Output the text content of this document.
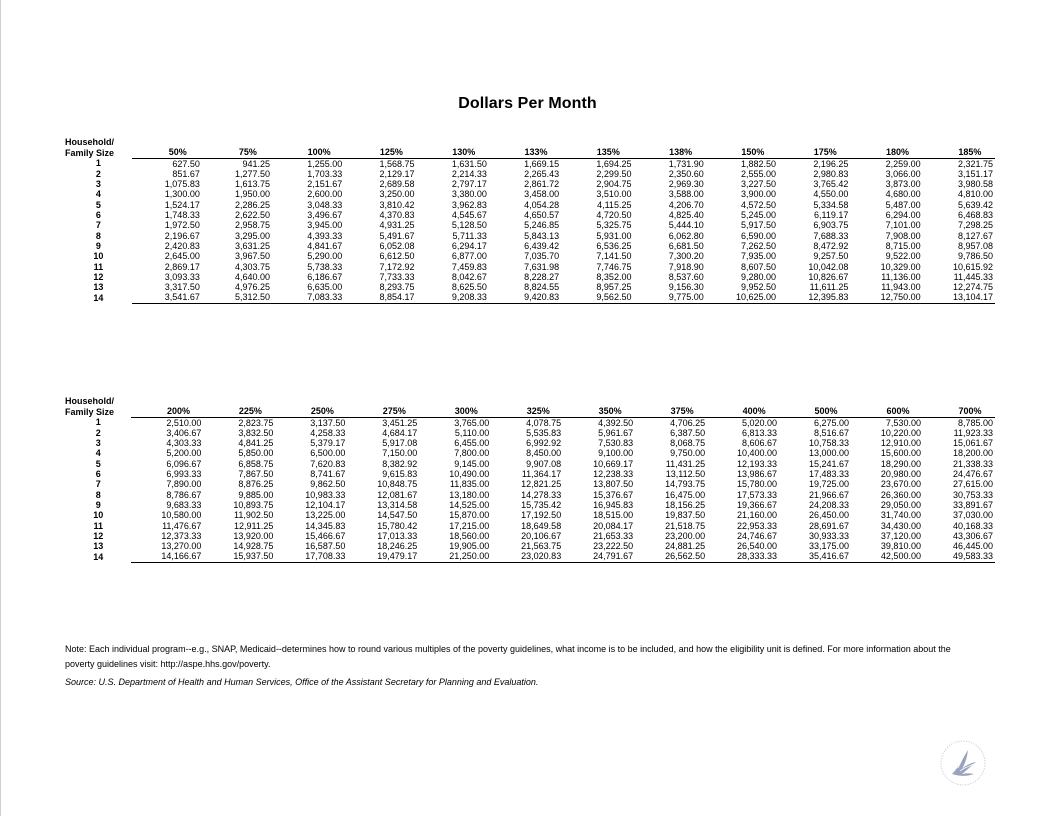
Dollars Per Month
Household/												
Family Size	50%	75%	100%	125%	130%	133%	135%	138%	150%	175%	180%	185%
1	627.50	941.25	1,255.00	1,568.75	1,631.50	1,669.15	1,694.25	1,731.90	1,882.50	2,196.25	2,259.00	2,321.75
2	851.67	1,277.50	1,703.33	2,129.17	2,214.33	2,265.43	2,299.50	2,350.60	2,555.00	2,980.83	3,066.00	3,151.17
3	1,075.83	1,613.75	2,151.67	2,689.58	2,797.17	2,861.72	2,904.75	2,969.30	3,227.50	3,765.42	3,873.00	3,980.58
4	1,300.00	1,950.00	2,600.00	3,250.00	3,380.00	3,458.00	3,510.00	3,588.00	3,900.00	4,550.00	4,680.00	4,810.00
5	1,524.17	2,286.25	3,048.33	3,810.42	3,962.83	4,054.28	4,115.25	4,206.70	4,572.50	5,334.58	5,487.00	5,639.42
6	1,748.33	2,622.50	3,496.67	4,370.83	4,545.67	4,650.57	4,720.50	4,825.40	5,245.00	6,119.17	6,294.00	6,468.83
7	1,972.50	2,958.75	3,945.00	4,931.25	5,128.50	5,246.85	5,325.75	5,444.10	5,917.50	6,903.75	7,101.00	7,298.25
8	2,196.67	3,295.00	4,393.33	5,491.67	5,711.33	5,843.13	5,931.00	6,062.80	6,590.00	7,688.33	7,908.00	8,127.67
9	2,420.83	3,631.25	4,841.67	6,052.08	6,294.17	6,439.42	6,536.25	6,681.50	7,262.50	8,472.92	8,715.00	8,957.08
10	2,645.00	3,967.50	5,290.00	6,612.50	6,877.00	7,035.70	7,141.50	7,300.20	7,935.00	9,257.50	9,522.00	9,786.50
11	2,869.17	4,303.75	5,738.33	7,172.92	7,459.83	7,631.98	7,746.75	7,918.90	8,607.50	10,042.08	10,329.00	10,615.92
12	3,093.33	4,640.00	6,186.67	7,733.33	8,042.67	8,228.27	8,352.00	8,537.60	9,280.00	10,826.67	11,136.00	11,445.33
13	3,317.50	4,976.25	6,635.00	8,293.75	8,625.50	8,824.55	8,957.25	9,156.30	9,952.50	11,611.25	11,943.00	12,274.75
14	3,541.67	5,312.50	7,083.33	8,854.17	9,208.33	9,420.83	9,562.50	9,775.00	10,625.00	12,395.83	12,750.00	13,104.17
Household/												
Family Size	200%	225%	250%	275%	300%	325%	350%	375%	400%	500%	600%	700%
1	2,510.00	2,823.75	3,137.50	3,451.25	3,765.00	4,078.75	4,392.50	4,706.25	5,020.00	6,275.00	7,530.00	8,785.00
2	3,406.67	3,832.50	4,258.33	4,684.17	5,110.00	5,535.83	5,961.67	6,387.50	6,813.33	8,516.67	10,220.00	11,923.33
3	4,303.33	4,841.25	5,379.17	5,917.08	6,455.00	6,992.92	7,530.83	8,068.75	8,606.67	10,758.33	12,910.00	15,061.67
4	5,200.00	5,850.00	6,500.00	7,150.00	7,800.00	8,450.00	9,100.00	9,750.00	10,400.00	13,000.00	15,600.00	18,200.00
5	6,096.67	6,858.75	7,620.83	8,382.92	9,145.00	9,907.08	10,669.17	11,431.25	12,193.33	15,241.67	18,290.00	21,338.33
6	6,993.33	7,867.50	8,741.67	9,615.83	10,490.00	11,364.17	12,238.33	13,112.50	13,986.67	17,483.33	20,980.00	24,476.67
7	7,890.00	8,876.25	9,862.50	10,848.75	11,835.00	12,821.25	13,807.50	14,793.75	15,780.00	19,725.00	23,670.00	27,615.00
8	8,786.67	9,885.00	10,983.33	12,081.67	13,180.00	14,278.33	15,376.67	16,475.00	17,573.33	21,966.67	26,360.00	30,753.33
9	9,683.33	10,893.75	12,104.17	13,314.58	14,525.00	15,735.42	16,945.83	18,156.25	19,366.67	24,208.33	29,050.00	33,891.67
10	10,580.00	11,902.50	13,225.00	14,547.50	15,870.00	17,192.50	18,515.00	19,837.50	21,160.00	26,450.00	31,740.00	37,030.00
11	11,476.67	12,911.25	14,345.83	15,780.42	17,215.00	18,649.58	20,084.17	21,518.75	22,953.33	28,691.67	34,430.00	40,168.33
12	12,373.33	13,920.00	15,466.67	17,013.33	18,560.00	20,106.67	21,653.33	23,200.00	24,746.67	30,933.33	37,120.00	43,306.67
13	13,270.00	14,928.75	16,587.50	18,246.25	19,905.00	21,563.75	23,222.50	24,881.25	26,540.00	33,175.00	39,810.00	46,445.00
14	14,166.67	15,937.50	17,708.33	19,479.17	21,250.00	23,020.83	24,791.67	26,562.50	28,333.33	35,416.67	42,500.00	49,583.33
Note: Each individual program--e.g., SNAP, Medicaid--determines how to round various multiples of the poverty guidelines, what income is to be included, and how the eligibility unit is defined. For more information about the poverty guidelines visit: http://aspe.hhs.gov/poverty.
Source: U.S. Department of Health and Human Services, Office of the Assistant Secretary for Planning and Evaluation.
